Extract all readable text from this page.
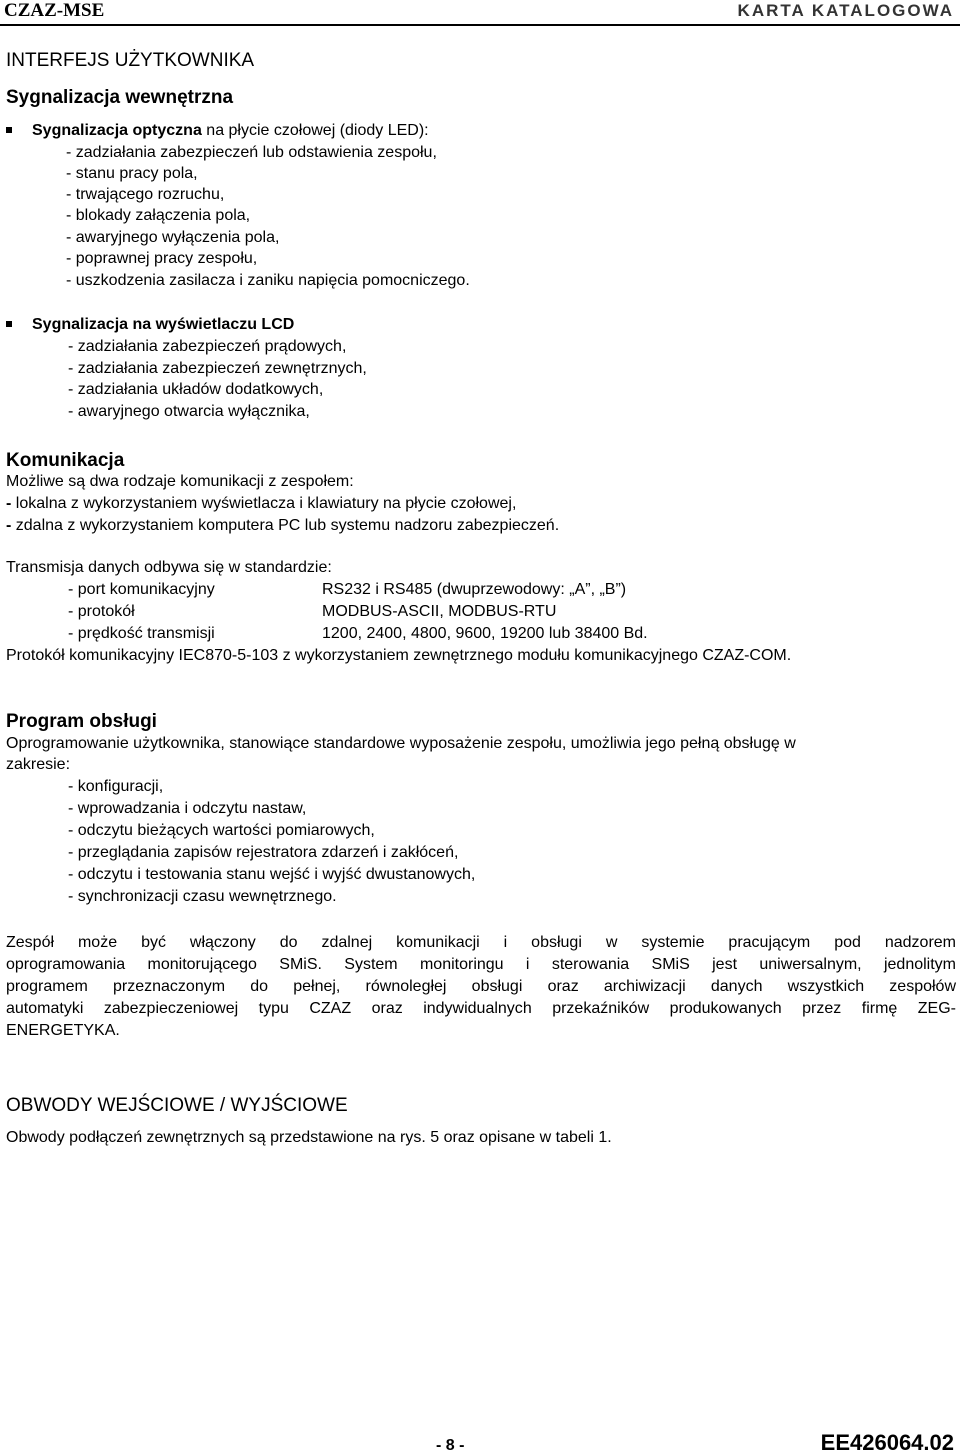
CZAZ-MSE	KARTA KATALOGOWA
INTERFEJS UŻYTKOWNIKA
Sygnalizacja wewnętrzna
Sygnalizacja optyczna na płycie czołowej (diody LED):
- zadziałania zabezpieczeń lub odstawienia zespołu,
- stanu pracy pola,
- trwającego rozruchu,
- blokady załączenia pola,
- awaryjnego wyłączenia pola,
- poprawnej pracy zespołu,
- uszkodzenia zasilacza i zaniku napięcia pomocniczego.
Sygnalizacja na wyświetlaczu LCD
- zadziałania zabezpieczeń prądowych,
- zadziałania zabezpieczeń zewnętrznych,
- zadziałania układów dodatkowych,
- awaryjnego otwarcia wyłącznika,
Komunikacja
Możliwe są dwa rodzaje komunikacji z zespołem:
- lokalna z wykorzystaniem wyświetlacza i klawiatury na płycie czołowej,
- zdalna z wykorzystaniem komputera PC lub systemu nadzoru zabezpieczeń.
Transmisja danych odbywa się w standardzie:
- port komunikacyjny	RS232 i RS485 (dwuprzewodowy: „A”, „B”)
- protokół	MODBUS-ASCII, MODBUS-RTU
- prędkość transmisji	1200, 2400, 4800, 9600, 19200 lub 38400 Bd.
Protokół komunikacyjny IEC870-5-103 z wykorzystaniem zewnętrznego modułu komunikacyjnego CZAZ-COM.
Program obsługi
Oprogramowanie użytkownika, stanowiące standardowe wyposażenie zespołu, umożliwia jego pełną obsługę w
zakresie:
- konfiguracji,
- wprowadzania i odczytu nastaw,
- odczytu bieżących wartości pomiarowych,
- przeglądania zapisów rejestratora zdarzeń i zakłóceń,
- odczytu i testowania stanu wejść i wyjść dwustanowych,
- synchronizacji czasu wewnętrznego.
Zespół może być włączony do zdalnej komunikacji i obsługi w systemie pracującym pod nadzorem
oprogramowania monitorującego SMiS. System monitoringu i sterowania SMiS jest uniwersalnym, jednolitym
programem przeznaczonym do pełnej, równoległej obsługi oraz archiwizacji danych wszystkich zespołów
automatyki zabezpieczeniowej typu CZAZ oraz indywidualnych przekaźników produkowanych przez firmę ZEG-
ENERGETYKA.
OBWODY WEJŚCIOWE / WYJŚCIOWE
Obwody podłączeń zewnętrznych są przedstawione na rys. 5 oraz opisane w tabeli 1.
- 8 -	EE426064.02
